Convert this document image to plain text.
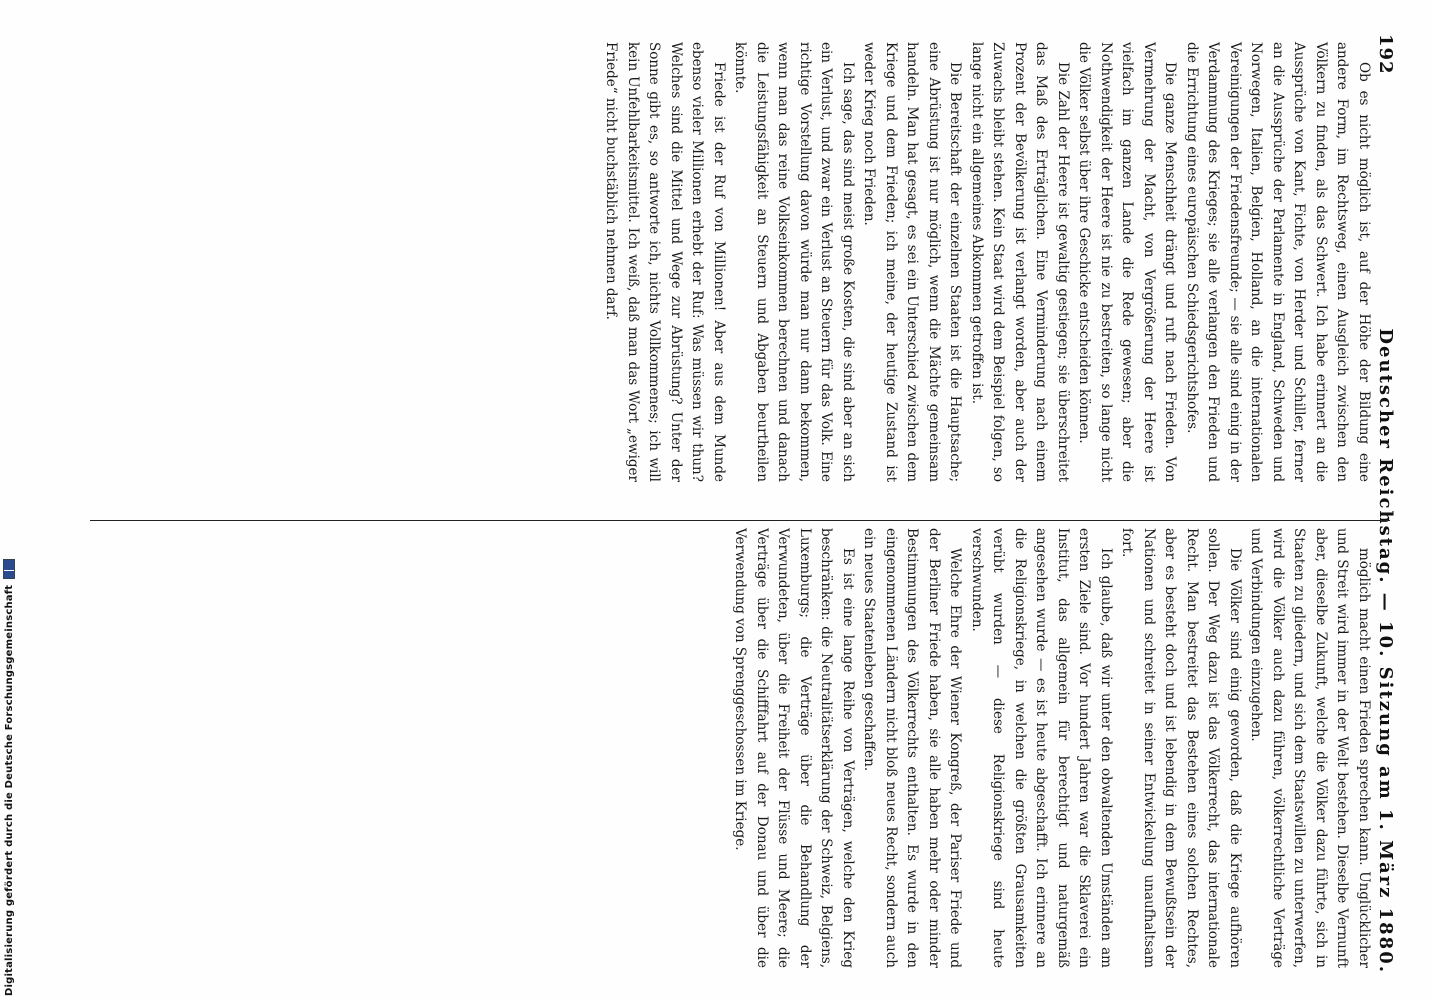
192
Deutscher Reichstag. — 10. Sitzung am 1. März 1880.

Ob es nicht möglich ist, auf der Höhe der Bildung eine andere Form, im Rechtsweg, einen Ausgleich zwischen den Völkern zu finden, als das Schwert. Ich habe erinnert an die Aussprüche von Kant, Fichte, von Herder und Schiller, ferner an die Aussprüche der Parlamente in England, Schweden und Norwegen, Italien, Belgien, Holland, an die internationalen Vereinigungen der Friedensfreunde; — sie alle sind einig in der Verdammung des Krieges; sie alle verlangen den Frieden und die Errichtung eines europäischen Schiedsgerichtshofes.

Die ganze Menschheit drängt und ruft nach Frieden. Von Vermehrung der Macht, von Vergrößerung der Heere ist vielfach im ganzen Lande die Rede gewesen; aber die Nothwendigkeit der Heere ist nie zu bestreiten, so lange nicht die Völker selbst über ihre Geschicke entscheiden können.

Die Zahl der Heere ist gewaltig gestiegen; sie überschreitet das Maß des Erträglichen. Eine Verminderung nach einem Prozent der Bevölkerung ist verlangt worden, aber auch der Zuwachs bleibt stehen. Kein Staat wird dem Beispiel folgen, so lange nicht ein allgemeines Abkommen getroffen ist.

Die Bereitschaft der einzelnen Staaten ist die Hauptsache; eine Abrüstung ist nur möglich, wenn die Mächte gemeinsam handeln. Man hat gesagt, es sei ein Unterschied zwischen dem Kriege und dem Frieden; ich meine, der heutige Zustand ist weder Krieg noch Frieden.

Ich sage, das sind meist große Kosten, die sind aber an sich ein Verlust, und zwar ein Verlust an Steuern für das Volk. Eine richtige Vorstellung davon würde man nur dann bekommen, wenn man das reine Volkseinkommen berechnen und danach die Leistungsfähigkeit an Steuern und Abgaben beurtheilen könnte.

Friede ist der Ruf von Millionen! Aber aus dem Munde ebenso vieler Millionen erhebt der Ruf: Was müssen wir thun? Welches sind die Mittel und Wege zur Abrüstung? Unter der Sonne gibt es, so antworte ich, nichts Vollkommenes; ich will kein Unfehlbarkeitsmittel. Ich weiß, daß man das Wort „ewiger Friede“ nicht buchstäblich nehmen darf.

möglich macht einen Frieden sprechen kann. Unglücklicher und Streit wird immer in der Welt bestehen. Dieselbe Vernunft aber, dieselbe Zukunft, welche die Völker dazu führte, sich in Staaten zu gliedern, und sich dem Staatswillen zu unterwerfen, wird die Völker auch dazu führen, völkerrechtliche Verträge und Verbindungen einzugehen.

Die Völker sind einig geworden, daß die Kriege aufhören sollen. Der Weg dazu ist das Völkerrecht, das internationale Recht. Man bestreitet das Bestehen eines solchen Rechtes, aber es besteht doch und ist lebendig in dem Bewußtsein der Nationen und schreitet in seiner Entwickelung unaufhaltsam fort.

Ich glaube, daß wir unter den obwaltenden Umständen am ersten Ziele sind. Vor hundert Jahren war die Sklaverei ein Institut, das allgemein für berechtigt und naturgemäß angesehen wurde — es ist heute abgeschafft. Ich erinnere an die Religionskriege, in welchen die größten Grausamkeiten verübt wurden — diese Religionskriege sind heute verschwunden.

Welche Ehre der Wiener Kongreß, der Pariser Friede und der Berliner Friede haben, sie alle haben mehr oder minder Bestimmungen des Völkerrechts enthalten. Es wurde in den eingenommenen Ländern nicht bloß neues Recht, sondern auch ein neues Staatenleben geschaffen.

Es ist eine lange Reihe von Verträgen, welche den Krieg beschränken: die Neutralitätserklärung der Schweiz, Belgiens, Luxemburgs; die Verträge über die Behandlung der Verwundeten, über die Freiheit der Flüsse und Meere; die Verträge über die Schifffahrt auf der Donau und über die Verwendung von Sprenggeschossen im Kriege.

Digitalisierung gefördert durch die Deutsche Forschungsgemeinschaft
